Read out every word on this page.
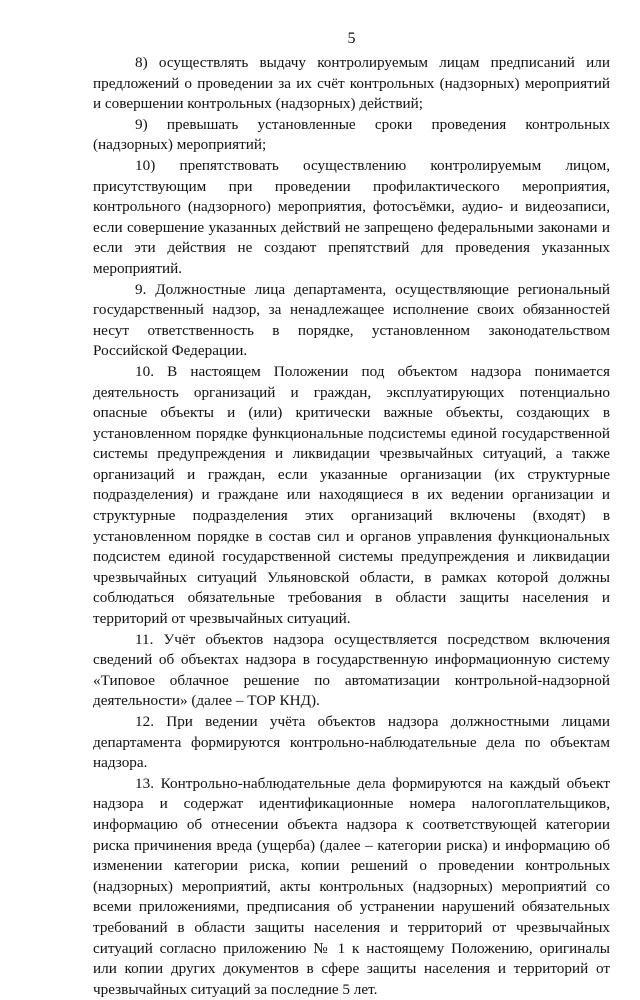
5

8) осуществлять выдачу контролируемым лицам предписаний или предложений о проведении за их счёт контрольных (надзорных) мероприятий и совершении контрольных (надзорных) действий;

9) превышать установленные сроки проведения контрольных (надзорных) мероприятий;

10) препятствовать осуществлению контролируемым лицом, присутствующим при проведении профилактического мероприятия, контрольного (надзорного) мероприятия, фотосъёмки, аудио- и видеозаписи, если совершение указанных действий не запрещено федеральными законами и если эти действия не создают препятствий для проведения указанных мероприятий.

9. Должностные лица департамента, осуществляющие региональный государственный надзор, за ненадлежащее исполнение своих обязанностей несут ответственность в порядке, установленном законодательством Российской Федерации.

10. В настоящем Положении под объектом надзора понимается деятельность организаций и граждан, эксплуатирующих потенциально опасные объекты и (или) критически важные объекты, создающих в установленном порядке функциональные подсистемы единой государственной системы предупреждения и ликвидации чрезвычайных ситуаций, а также организаций и граждан, если указанные организации (их структурные подразделения) и граждане или находящиеся в их ведении организации и структурные подразделения этих организаций включены (входят) в установленном порядке в состав сил и органов управления функциональных подсистем единой государственной системы предупреждения и ликвидации чрезвычайных ситуаций Ульяновской области, в рамках которой должны соблюдаться обязательные требования в области защиты населения и территорий от чрезвычайных ситуаций.

11. Учёт объектов надзора осуществляется посредством включения сведений об объектах надзора в государственную информационную систему «Типовое облачное решение по автоматизации контрольной-надзорной деятельности» (далее – ТОР КНД).

12. При ведении учёта объектов надзора должностными лицами департамента формируются контрольно-наблюдательные дела по объектам надзора.

13. Контрольно-наблюдательные дела формируются на каждый объект надзора и содержат идентификационные номера налогоплательщиков, информацию об отнесении объекта надзора к соответствующей категории риска причинения вреда (ущерба) (далее – категории риска) и информацию об изменении категории риска, копии решений о проведении контрольных (надзорных) мероприятий, акты контрольных (надзорных) мероприятий со всеми приложениями, предписания об устранении нарушений обязательных требований в области защиты населения и территорий от чрезвычайных ситуаций согласно приложению № 1 к настоящему Положению, оригиналы или копии других документов в сфере защиты населения и территорий от чрезвычайных ситуаций за последние 5 лет.
